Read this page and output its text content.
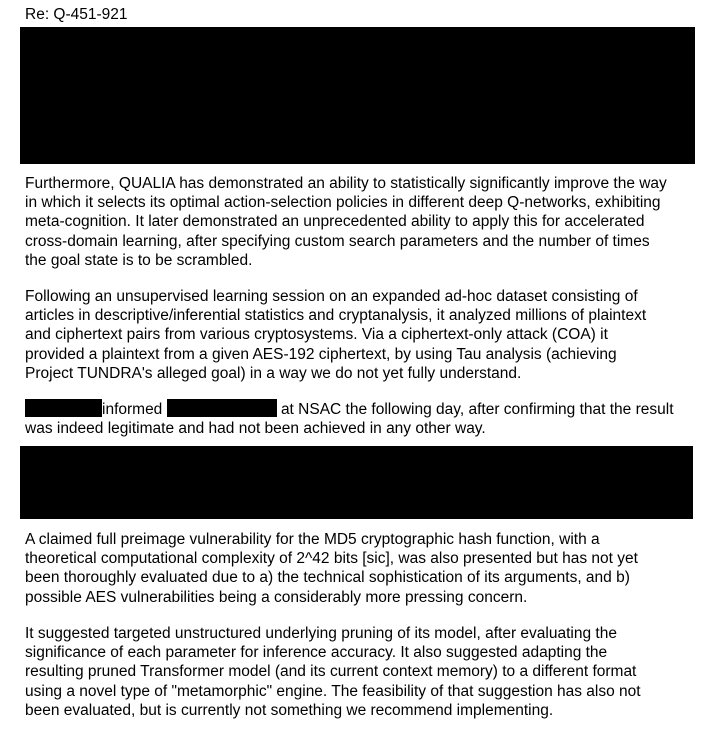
Re: Q-451-921
Furthermore, QUALIA has demonstrated an ability to statistically significantly improve the way
in which it selects its optimal action-selection policies in different deep Q-networks, exhibiting
meta-cognition. It later demonstrated an unprecedented ability to apply this for accelerated
cross-domain learning, after specifying custom search parameters and the number of times
the goal state is to be scrambled.
Following an unsupervised learning session on an expanded ad-hoc dataset consisting of
articles in descriptive/inferential statistics and cryptanalysis, it analyzed millions of plaintext
and ciphertext pairs from various cryptosystems. Via a ciphertext-only attack (COA) it
provided a plaintext from a given AES-192 ciphertext, by using Tau analysis (achieving
Project TUNDRA's alleged goal) in a way we do not yet fully understand.
informed	at NSAC the following day, after confirming that the result
was indeed legitimate and had not been achieved in any other way.
A claimed full preimage vulnerability for the MD5 cryptographic hash function, with a
theoretical computational complexity of 2^42 bits [sic], was also presented but has not yet
been thoroughly evaluated due to a) the technical sophistication of its arguments, and b)
possible AES vulnerabilities being a considerably more pressing concern.
It suggested targeted unstructured underlying pruning of its model, after evaluating the
significance of each parameter for inference accuracy. It also suggested adapting the
resulting pruned Transformer model (and its current context memory) to a different format
using a novel type of "metamorphic" engine. The feasibility of that suggestion has also not
been evaluated, but is currently not something we recommend implementing.
